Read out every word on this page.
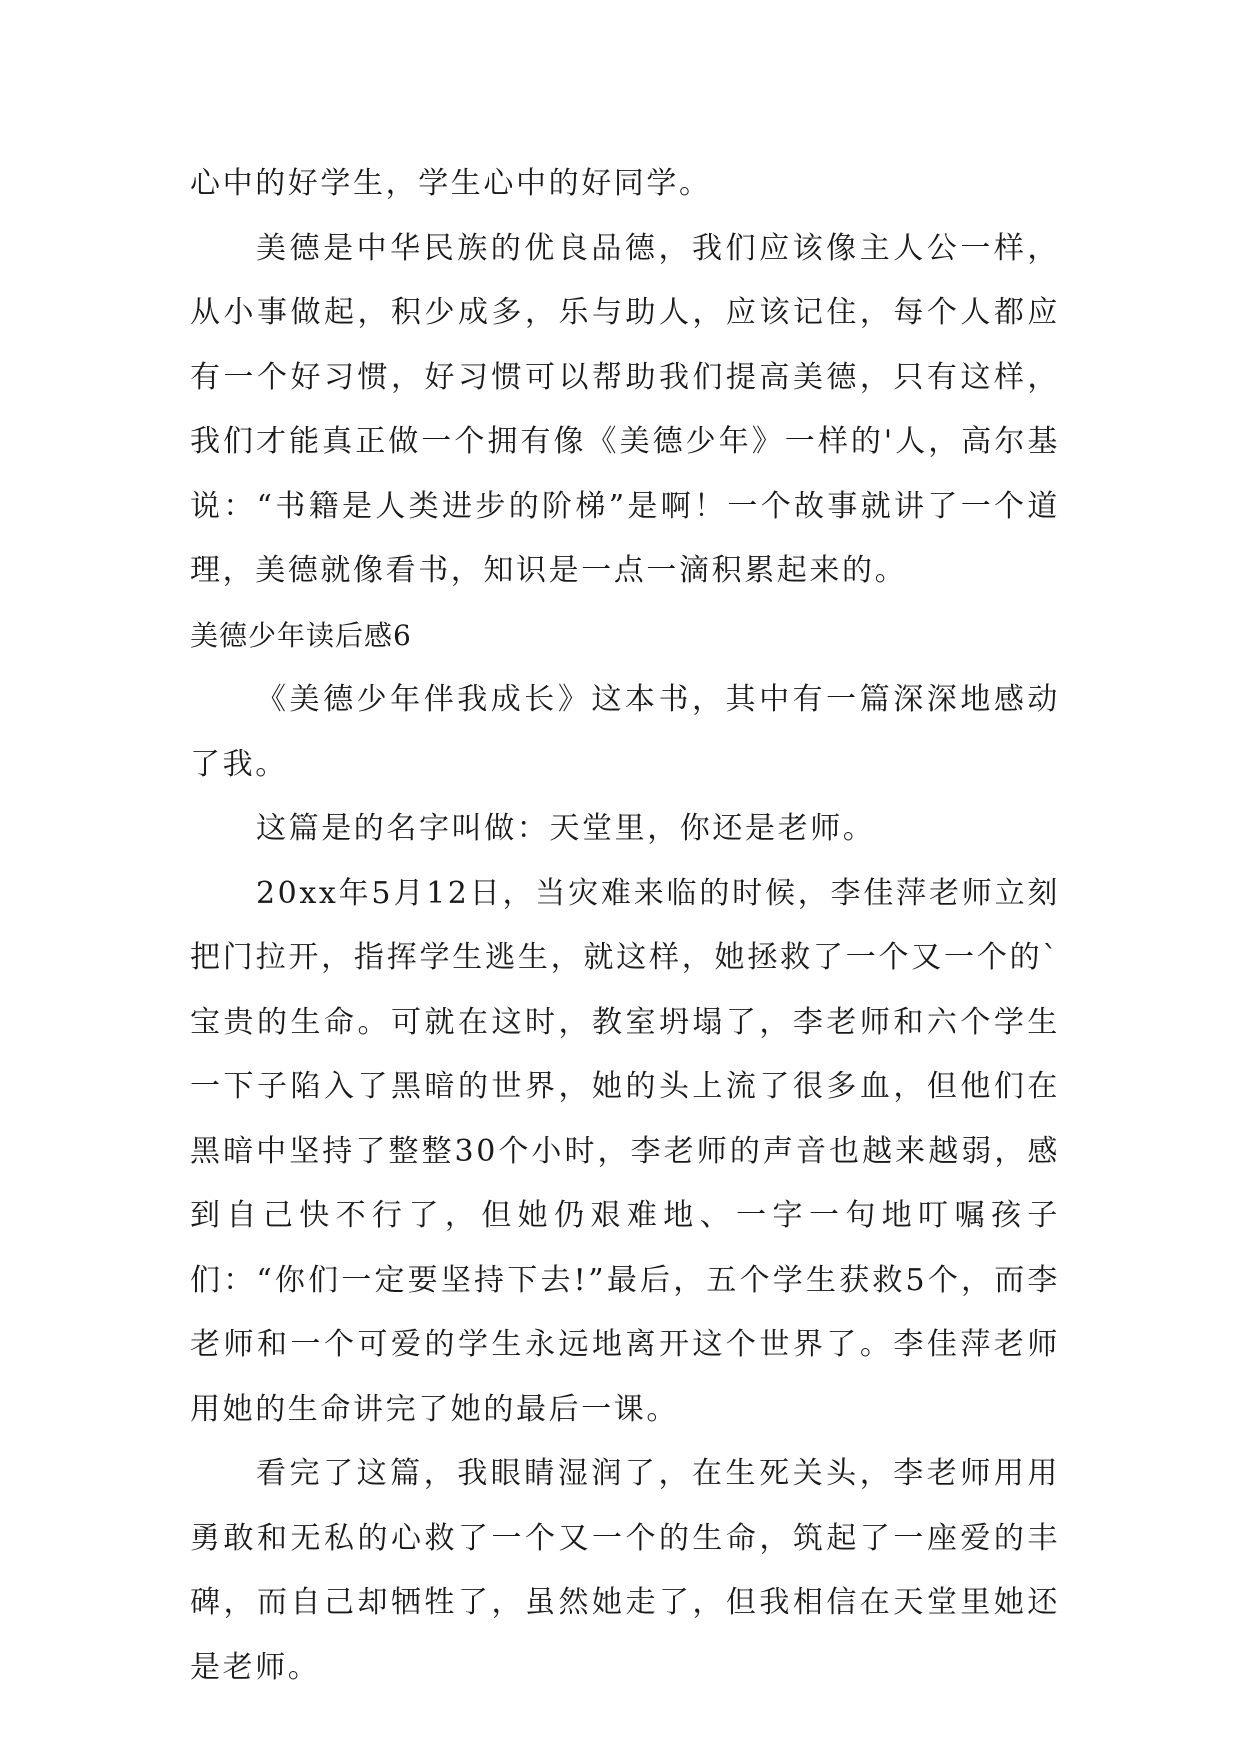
心中的好学生，学生心中的好同学。

美德是中华民族的优良品德，我们应该像主人公一样，从小事做起，积少成多，乐与助人，应该记住，每个人都应有一个好习惯，好习惯可以帮助我们提高美德，只有这样，我们才能真正做一个拥有像《美德少年》一样的'人，高尔基说：“书籍是人类进步的阶梯”是啊！一个故事就讲了一个道理，美德就像看书，知识是一点一滴积累起来的。

美德少年读后感6

《美德少年伴我成长》这本书，其中有一篇深深地感动了我。

这篇是的名字叫做：天堂里，你还是老师。

20xx年5月12日，当灾难来临的时候，李佳萍老师立刻把门拉开，指挥学生逃生，就这样，她拯救了一个又一个的`宝贵的生命。可就在这时，教室坍塌了，李老师和六个学生一下子陷入了黑暗的世界，她的头上流了很多血，但他们在黑暗中坚持了整整30个小时，李老师的声音也越来越弱，感到自己快不行了，但她仍艰难地、一字一句地叮嘱孩子们：“你们一定要坚持下去!”最后，五个学生获救5个，而李老师和一个可爱的学生永远地离开这个世界了。李佳萍老师用她的生命讲完了她的最后一课。

看完了这篇，我眼睛湿润了，在生死关头，李老师用用勇敢和无私的心救了一个又一个的生命，筑起了一座爱的丰碑，而自己却牺牲了，虽然她走了，但我相信在天堂里她还是老师。
